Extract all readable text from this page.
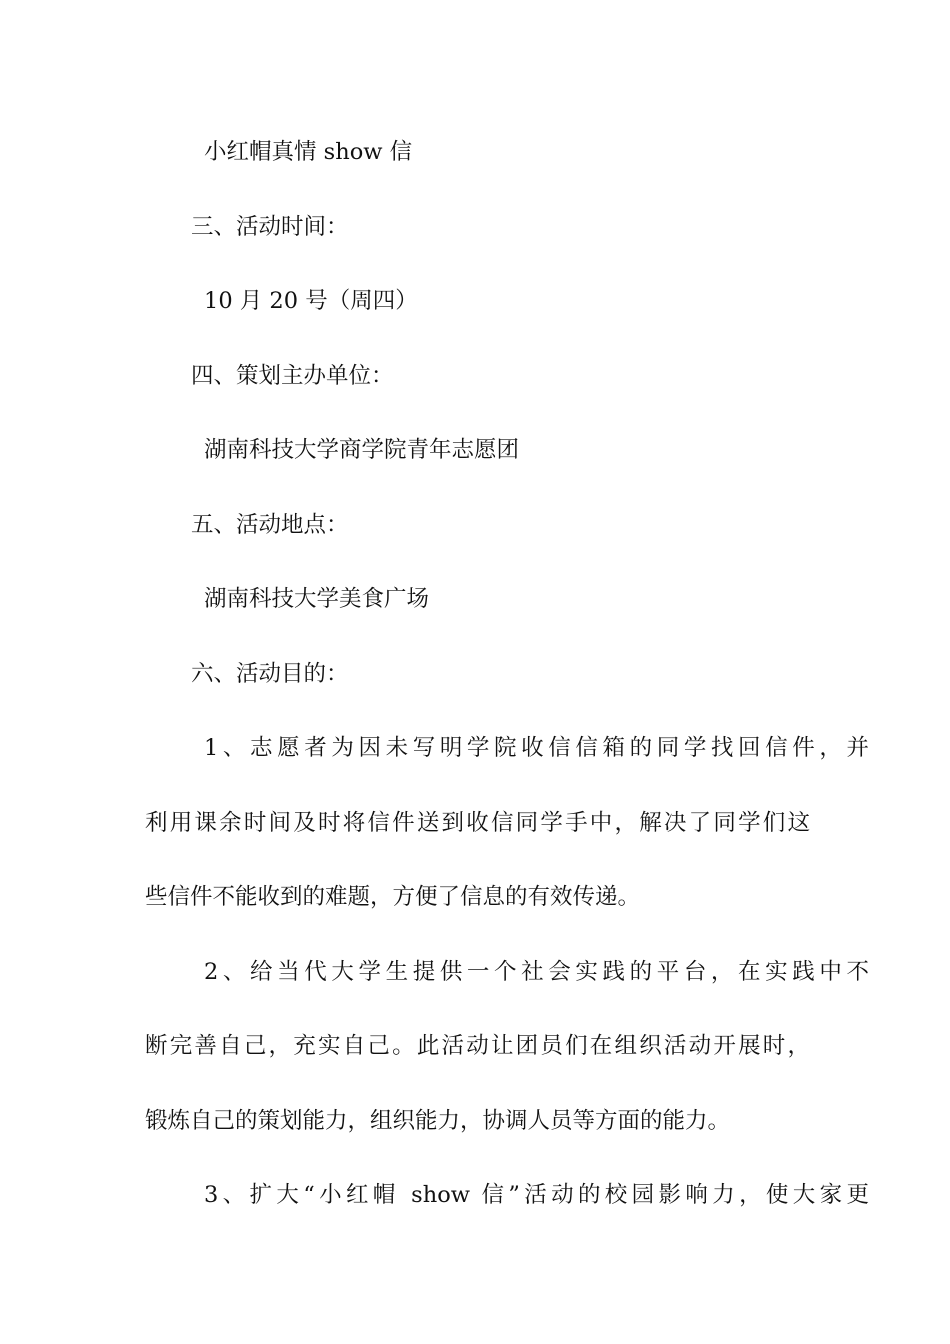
小红帽真情 show 信
三、活动时间：
10 月 20 号（周四）
四、策划主办单位：
湖南科技大学商学院青年志愿团
五、活动地点：
湖南科技大学美食广场
六、活动目的：
1、志愿者为因未写明学院收信信箱的同学找回信件，并
利用课余时间及时将信件送到收信同学手中，解决了同学们这
些信件不能收到的难题，方便了信息的有效传递。
2、给当代大学生提供一个社会实践的平台，在实践中不
断完善自己，充实自己。此活动让团员们在组织活动开展时，
锻炼自己的策划能力，组织能力，协调人员等方面的能力。
3、扩大“小红帽 show 信”活动的校园影响力，使大家更
